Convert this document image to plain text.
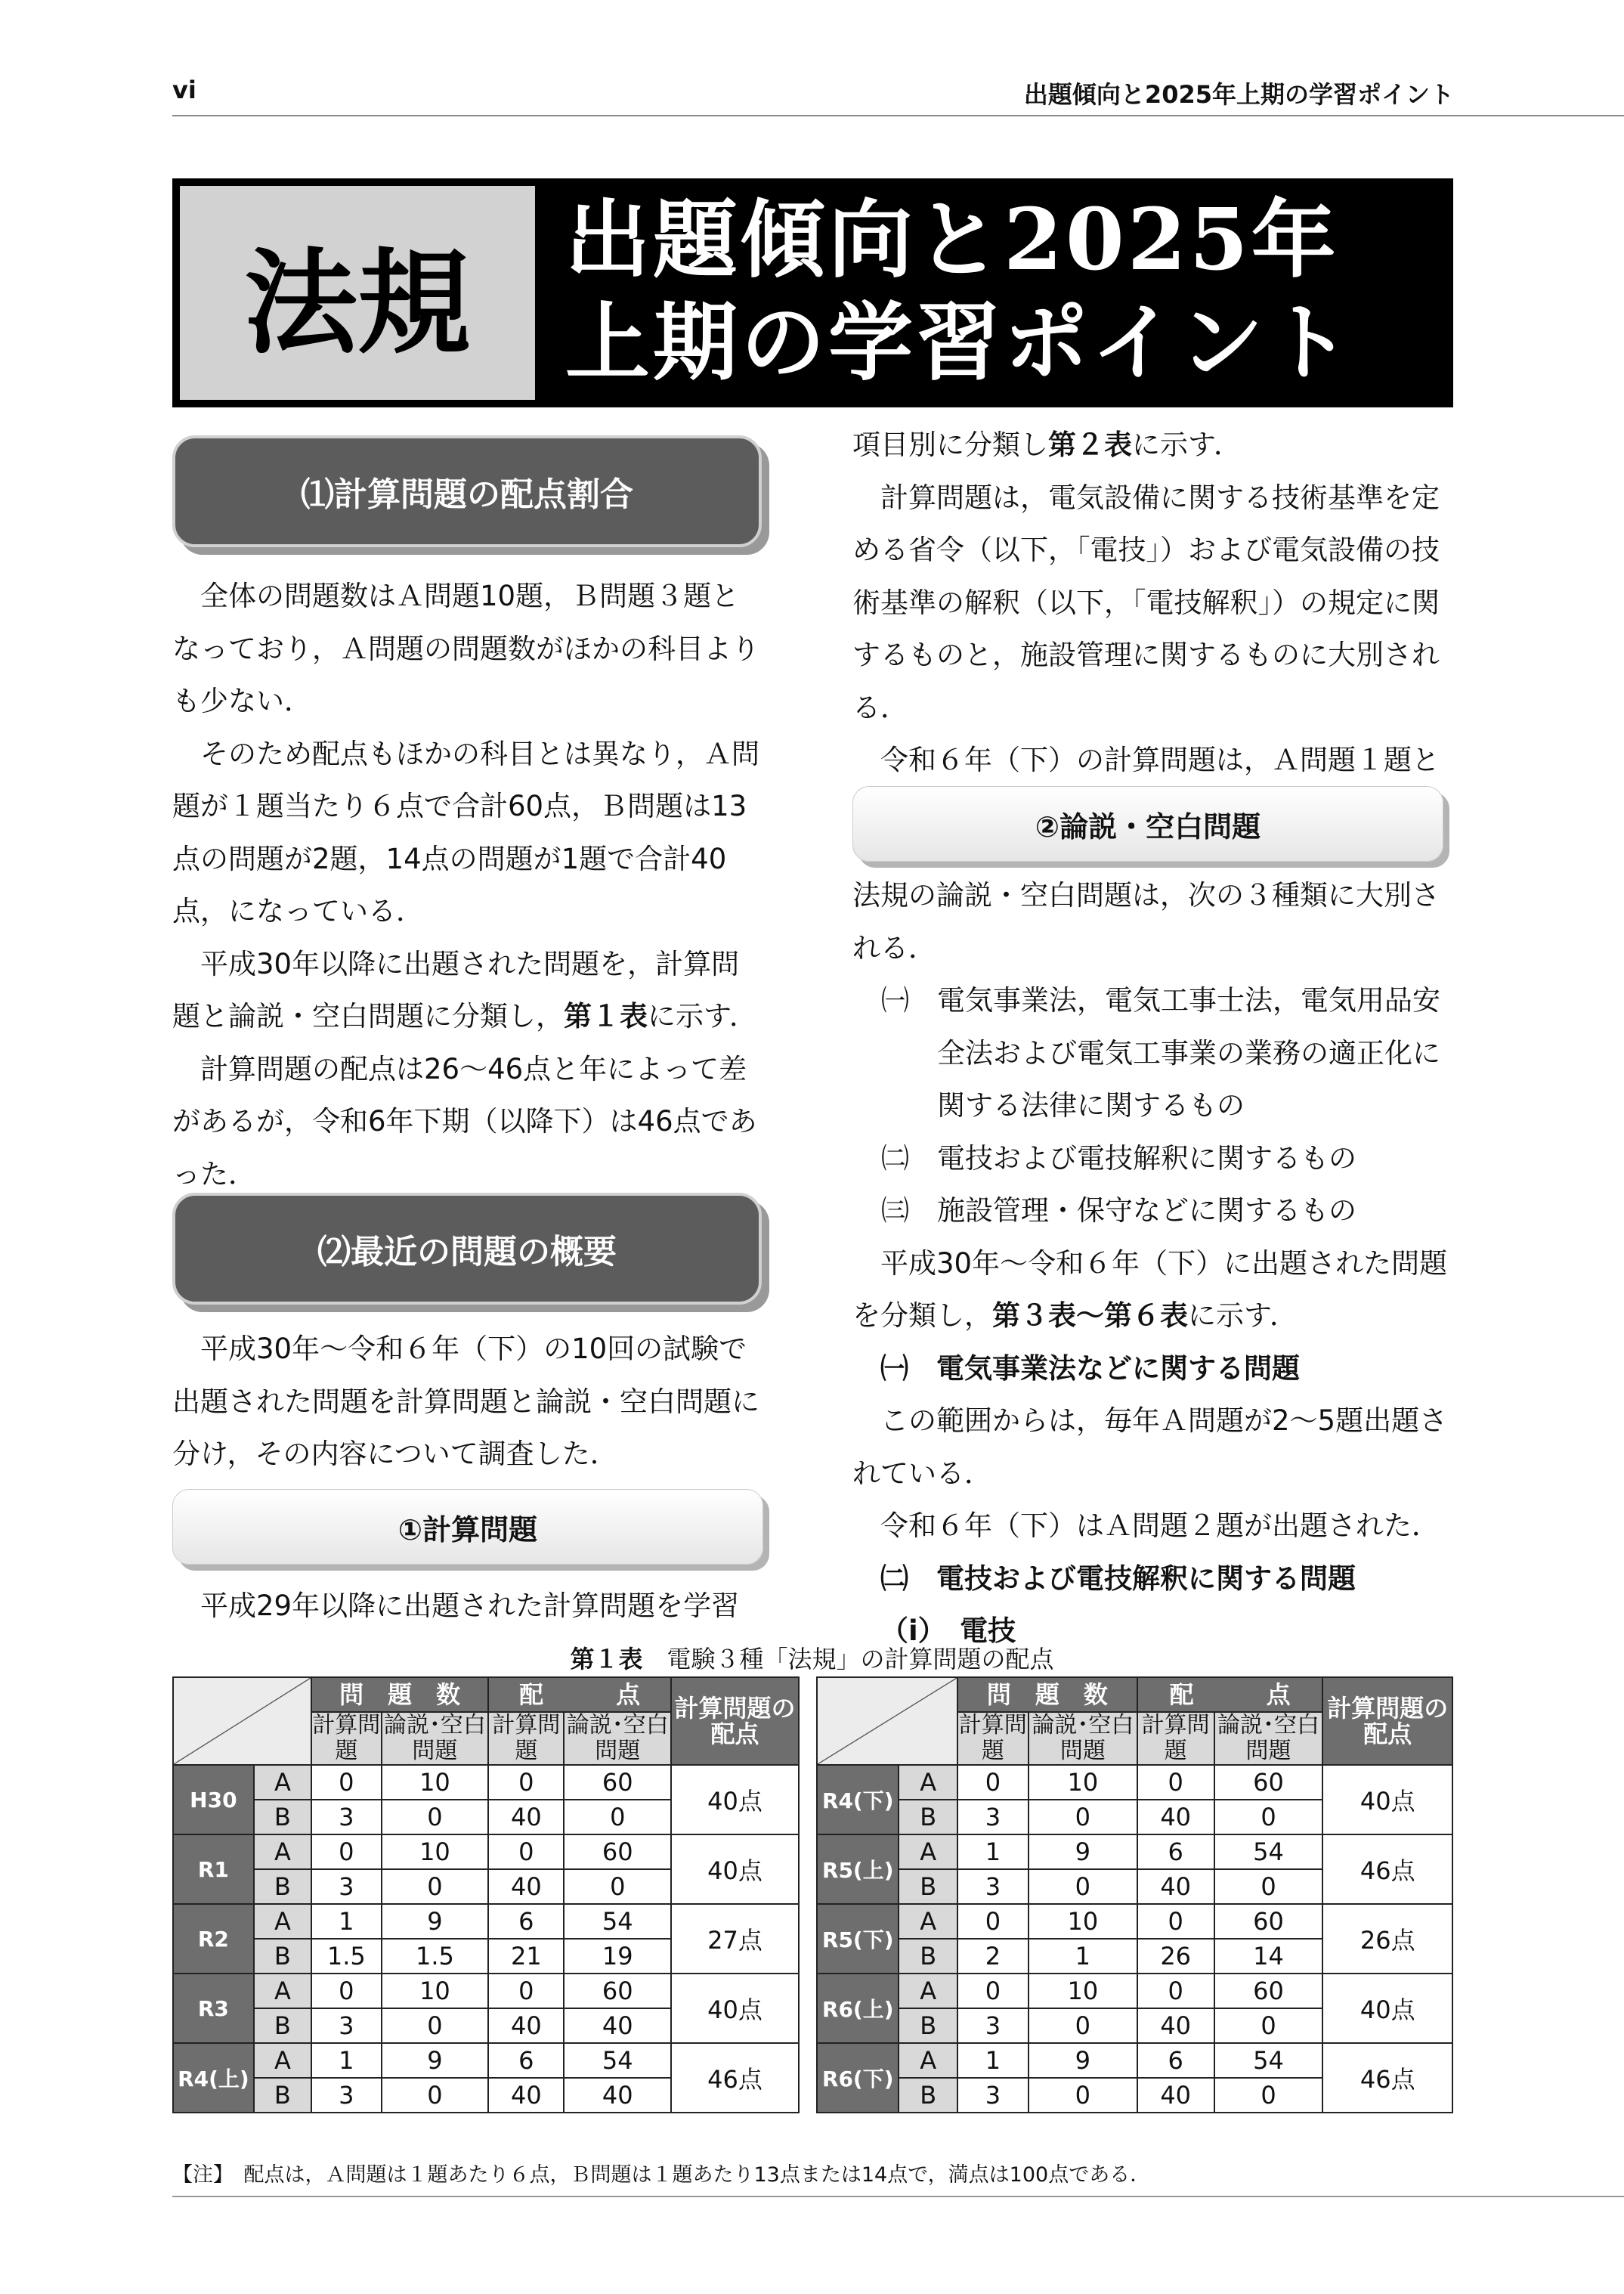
vi	出題傾向と2025年上期の学習ポイント
法規	出題傾向と2025年
上期の学習ポイント
⑴計算問題の配点割合

全体の問題数はＡ問題10題，Ｂ問題３題となっており，Ａ問題の問題数がほかの科目よりも少ない．

そのため配点もほかの科目とは異なり，Ａ問題が１題当たり６点で合計60点，Ｂ問題は13点の問題が2題，14点の問題が1題で合計40点，になっている．

平成30年以降に出題された問題を，計算問題と論説・空白問題に分類し，第１表に示す．

計算問題の配点は26～46点と年によって差があるが，令和6年下期（以降下）は46点であった．

⑵最近の問題の概要

平成30年～令和６年（下）の10回の試験で出題された問題を計算問題と論説・空白問題に分け，その内容について調査した．

①計算問題

平成29年以降に出題された計算問題を学習

項目別に分類し第２表に示す．

計算問題は，電気設備に関する技術基準を定める省令（以下，「電技」）および電気設備の技術基準の解釈（以下，「電技解釈」）の規定に関するものと，施設管理に関するものに大別される．

令和６年（下）の計算問題は，Ａ問題１題と

②論説・空白問題

法規の論説・空白問題は，次の３種類に大別される．

㈠　電気事業法，電気工事士法，電気用品安全法および電気工事業の業務の適正化に関する法律に関するもの

㈡　電技および電技解釈に関するもの

㈢　施設管理・保守などに関するもの

平成30年～令和６年（下）に出題された問題を分類し，第３表～第６表に示す．

㈠　電気事業法などに関する問題

この範囲からは，毎年Ａ問題が2～5題出題されている．

令和６年（下）はＡ問題２題が出題された．

㈡　電技および電技解釈に関する問題

（ⅰ）　電技

第１表　 電験３種「法規」の計算問題の配点
		問　題　数		配　　　点		計算問題の配点
		計算問題	論説･空白問題	計算問題	論説･空白問題	
H30	A	0	10	0	60	40点
	B	3	0	40	0	
R1	A	0	10	0	60	40点
	B	3	0	40	0	
R2	A	1	9	6	54	27点
	B	1.5	1.5	21	19	
R3	A	0	10	0	60	40点
	B	3	0	40	40	
R4(上)	A	1	9	6	54	46点
	B	3	0	40	40	
		問　題　数		配　　　点		計算問題の配点
		計算問題	論説･空白問題	計算問題	論説･空白問題	
R4(下)	A	0	10	0	60	40点
	B	3	0	40	0	
R5(上)	A	1	9	6	54	46点
	B	3	0	40	0	
R5(下)	A	0	10	0	60	26点
	B	2	1	26	14	
R6(上)	A	0	10	0	60	40点
	B	3	0	40	0	
R6(下)	A	1	9	6	54	46点
	B	3	0	40	0	
【注】　配点は，Ａ問題は１題あたり６点，Ｂ問題は１題あたり13点または14点で，満点は100点である．
